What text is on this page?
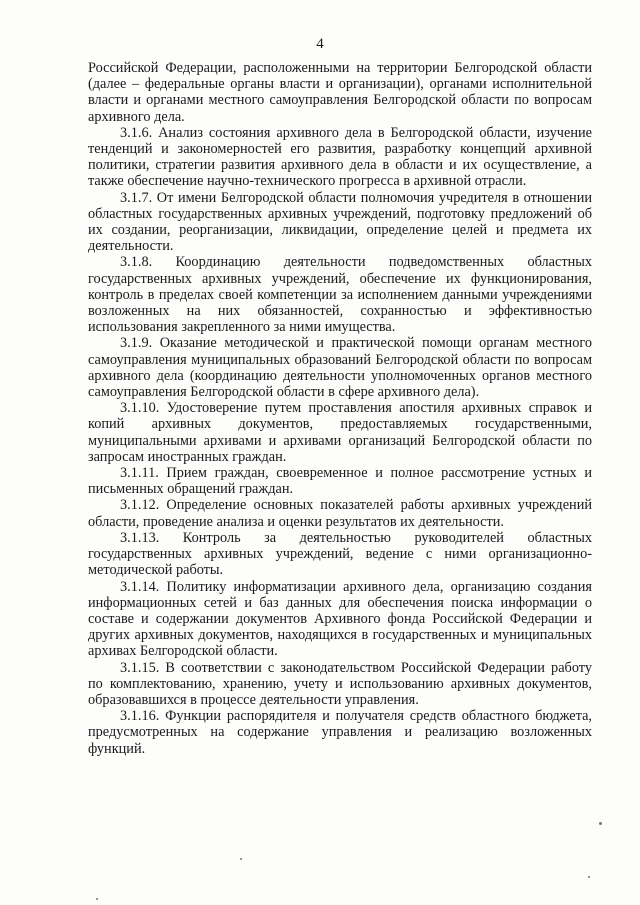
4

Российской Федерации, расположенными на территории Белгородской области (далее – федеральные органы власти и организации), органами исполнительной власти и органами местного самоуправления Белгородской области по вопросам архивного дела.

3.1.6. Анализ состояния архивного дела в Белгородской области, изучение тенденций и закономерностей его развития, разработку концепций архивной политики, стратегии развития архивного дела в области и их осуществление, а также обеспечение научно-технического прогресса в архивной отрасли.

3.1.7. От имени Белгородской области полномочия учредителя в отношении областных государственных архивных учреждений, подготовку предложений об их создании, реорганизации, ликвидации, определение целей и предмета их деятельности.

3.1.8. Координацию деятельности подведомственных областных государственных архивных учреждений, обеспечение их функционирования, контроль в пределах своей компетенции за исполнением данными учреждениями возложенных на них обязанностей, сохранностью и эффективностью использования закрепленного за ними имущества.

3.1.9. Оказание методической и практической помощи органам местного самоуправления муниципальных образований Белгородской области по вопросам архивного дела (координацию деятельности уполномоченных органов местного самоуправления Белгородской области в сфере архивного дела).

3.1.10. Удостоверение путем проставления апостиля архивных справок и копий архивных документов, предоставляемых государственными, муниципальными архивами и архивами организаций Белгородской области по запросам иностранных граждан.

3.1.11. Прием граждан, своевременное и полное рассмотрение устных и письменных обращений граждан.

3.1.12. Определение основных показателей работы архивных учреждений области, проведение анализа и оценки результатов их деятельности.

3.1.13. Контроль за деятельностью руководителей областных государственных архивных учреждений, ведение с ними организационно-методической работы.

3.1.14. Политику информатизации архивного дела, организацию создания информационных сетей и баз данных для обеспечения поиска информации о составе и содержании документов Архивного фонда Российской Федерации и других архивных документов, находящихся в государственных и муниципальных архивах Белгородской области.

3.1.15. В соответствии с законодательством Российской Федерации работу по комплектованию, хранению, учету и использованию архивных документов, образовавшихся в процессе деятельности управления.

3.1.16. Функции распорядителя и получателя средств областного бюджета, предусмотренных на содержание управления и реализацию возложенных функций.
